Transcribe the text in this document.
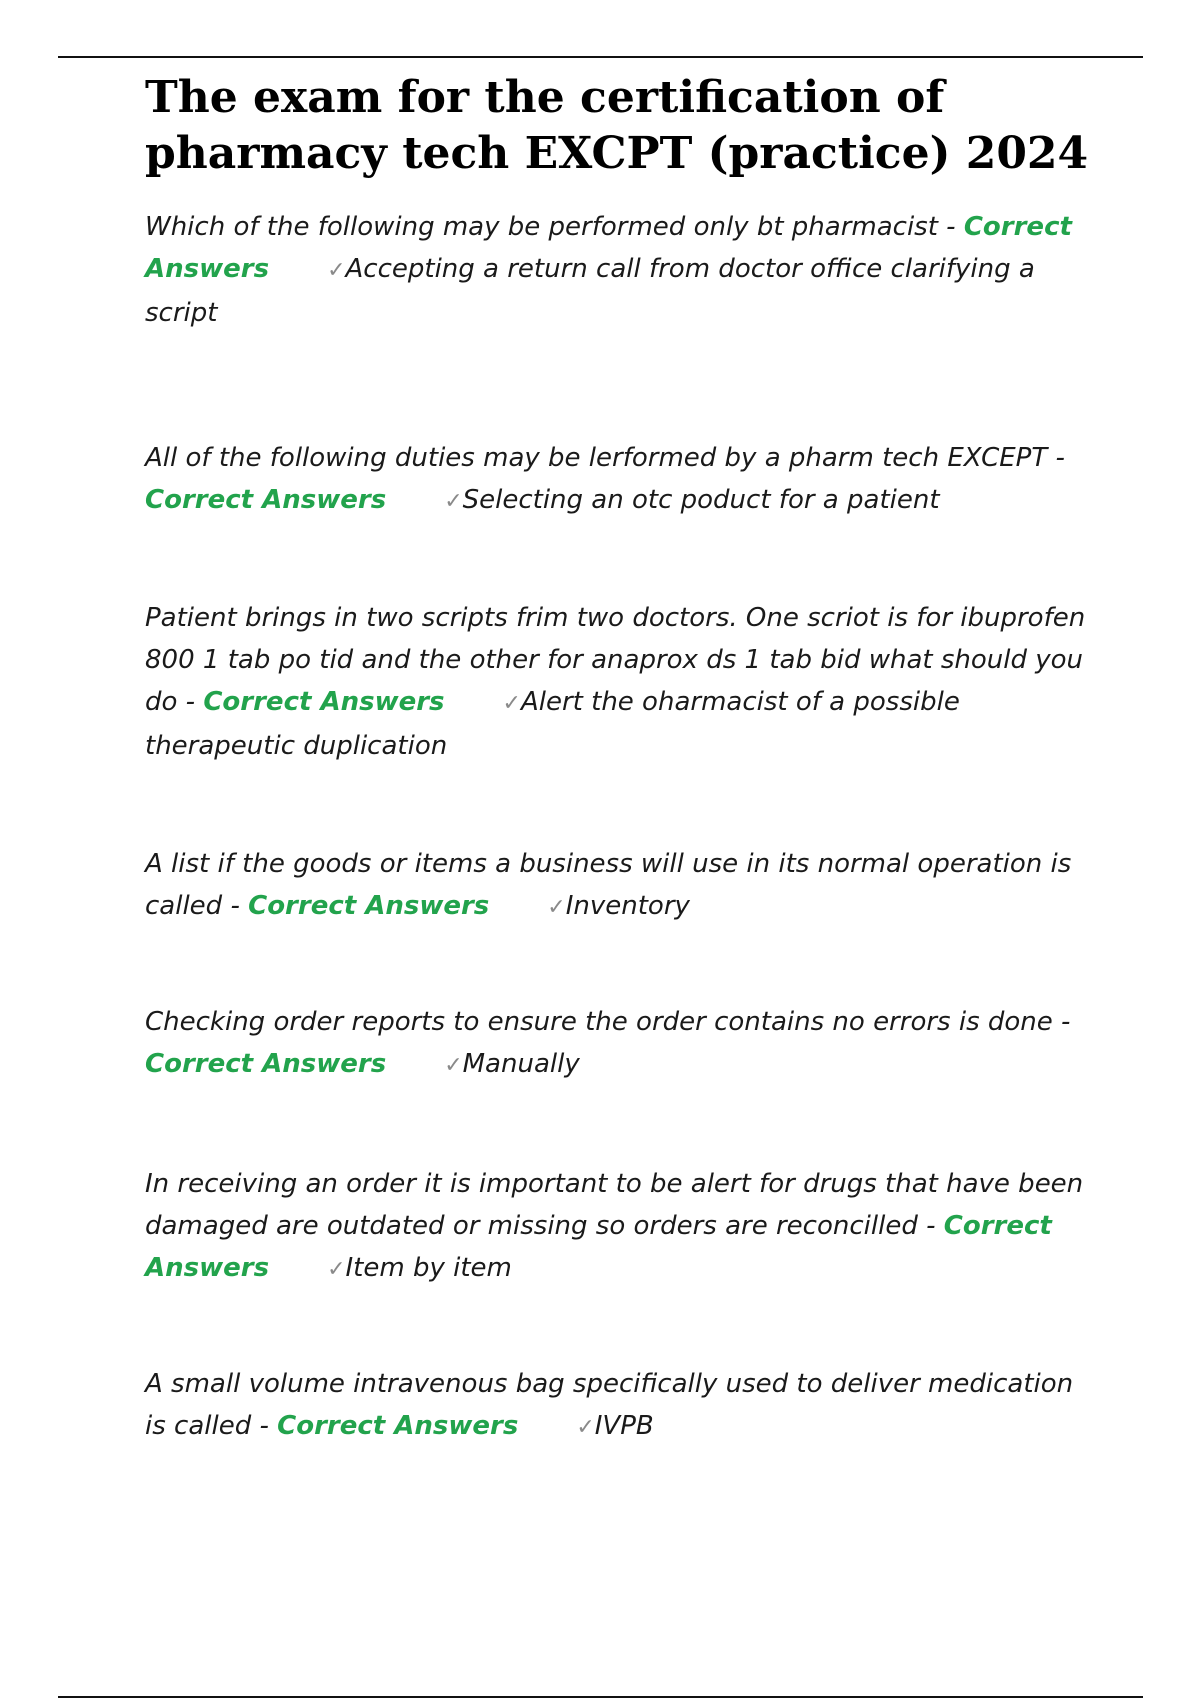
The exam for the certification of pharmacy tech EXCPT (practice) 2024

Which of the following may be performed only bt pharmacist - Correct Answers	✓Accepting a return call from doctor office clarifying a script

All of the following duties may be lerformed by a pharm tech EXCEPT - Correct Answers	✓Selecting an otc poduct for a patient

Patient brings in two scripts frim two doctors. One scriot is for ibuprofen 800 1 tab po tid and the other for anaprox ds 1 tab bid what should you do - Correct Answers	✓Alert the oharmacist of a possible therapeutic duplication

A list if the goods or items a business will use in its normal operation is called - Correct Answers	✓Inventory

Checking order reports to ensure the order contains no errors is done - Correct Answers	✓Manually

In receiving an order it is important to be alert for drugs that have been damaged are outdated or missing so orders are reconcilled - Correct Answers	✓Item by item

A small volume intravenous bag specifically used to deliver medication is called - Correct Answers	✓IVPB
